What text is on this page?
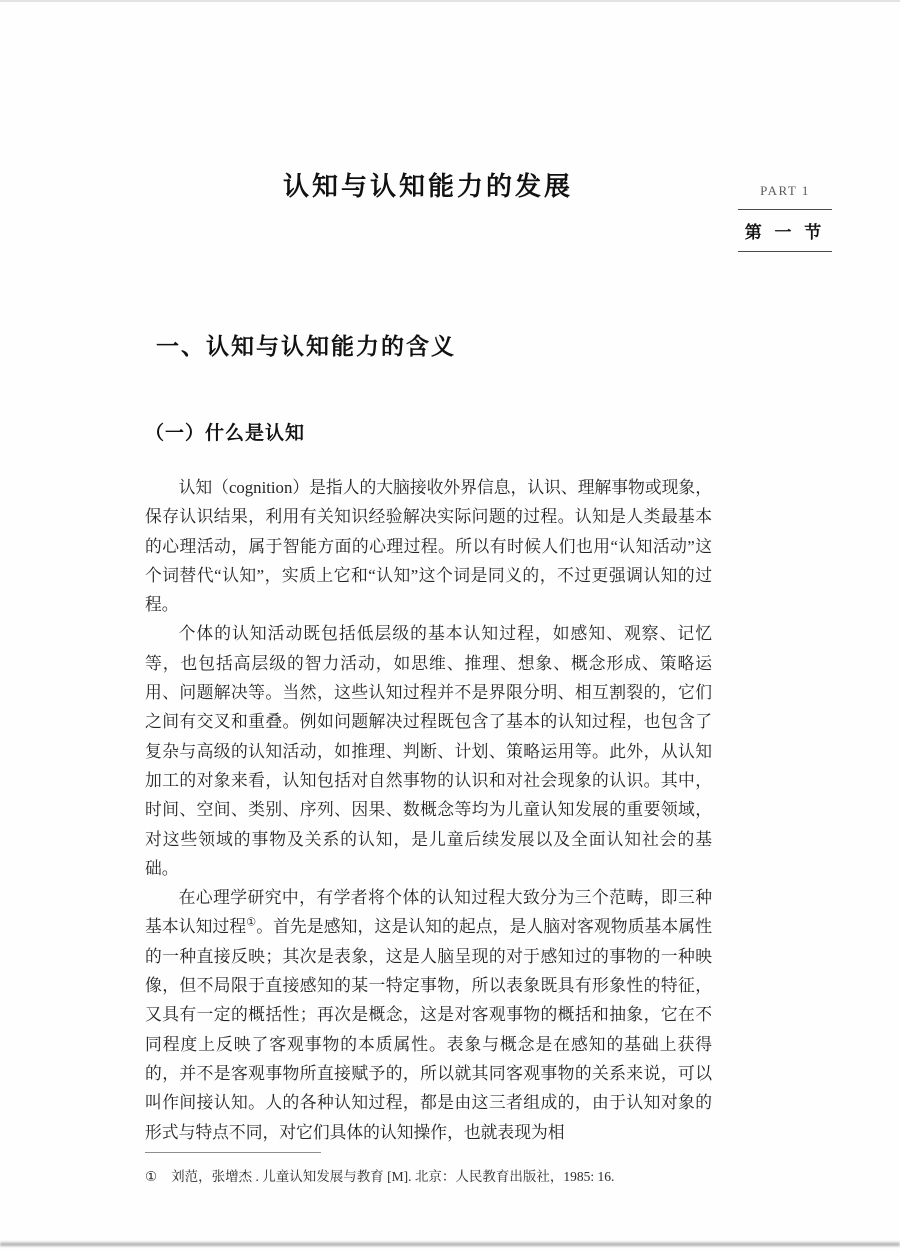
认知与认知能力的发展	PART 1
第 一 节
一、认知与认知能力的含义
（一）什么是认知

认知（cognition）是指人的大脑接收外界信息，认识、理解事物或现象，保存认识结果，利用有关知识经验解决实际问题的过程。认知是人类最基本的心理活动，属于智能方面的心理过程。所以有时候人们也用“认知活动”这个词替代“认知”，实质上它和“认知”这个词是同义的，不过更强调认知的过程。

个体的认知活动既包括低层级的基本认知过程，如感知、观察、记忆等，也包括高层级的智力活动，如思维、推理、想象、概念形成、策略运用、问题解决等。当然，这些认知过程并不是界限分明、相互割裂的，它们之间有交叉和重叠。例如问题解决过程既包含了基本的认知过程，也包含了复杂与高级的认知活动，如推理、判断、计划、策略运用等。此外，从认知加工的对象来看，认知包括对自然事物的认识和对社会现象的认识。其中，时间、空间、类别、序列、因果、数概念等均为儿童认知发展的重要领域，对这些领域的事物及关系的认知，是儿童后续发展以及全面认知社会的基础。

在心理学研究中，有学者将个体的认知过程大致分为三个范畴，即三种基本认知过程①。首先是感知，这是认知的起点，是人脑对客观物质基本属性的一种直接反映；其次是表象，这是人脑呈现的对于感知过的事物的一种映像，但不局限于直接感知的某一特定事物，所以表象既具有形象性的特征，又具有一定的概括性；再次是概念，这是对客观事物的概括和抽象，它在不同程度上反映了客观事物的本质属性。表象与概念是在感知的基础上获得的，并不是客观事物所直接赋予的，所以就其同客观事物的关系来说，可以叫作间接认知。人的各种认知过程，都是由这三者组成的，由于认知对象的形式与特点不同，对它们具体的认知操作，也就表现为相

① 刘范，张增杰 . 儿童认知发展与教育 [M]. 北京：人民教育出版社，1985: 16.
